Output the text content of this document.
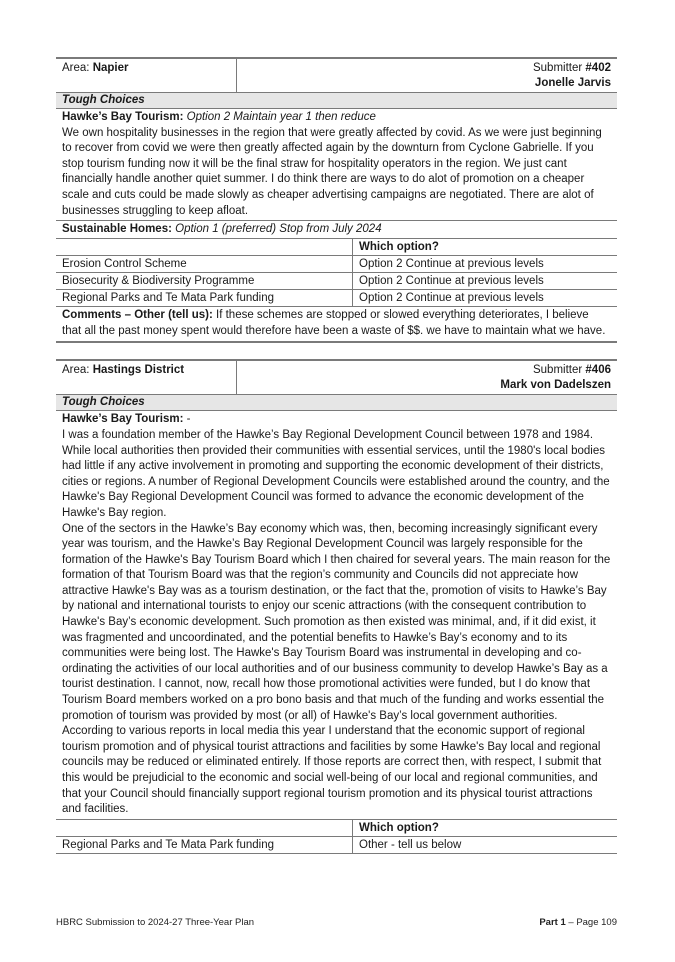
Area: Napier	Submitter #402
Jonelle Jarvis
Tough Choices
Hawke’s Bay Tourism: Option 2 Maintain year 1 then reduce
We own hospitality businesses in the region that were greatly affected by covid. As we were just beginning to recover from covid we were then greatly affected again by the downturn from Cyclone Gabrielle. If you stop tourism funding now it will be the final straw for hospitality operators in the region. We just cant financially handle another quiet summer. I do think there are ways to do alot of promotion on a cheaper scale and cuts could be made slowly as cheaper advertising campaigns are negotiated. There are alot of businesses struggling to keep afloat.
Sustainable Homes: Option 1 (preferred) Stop from July 2024
	Which option?
Erosion Control Scheme	Option 2 Continue at previous levels
Biosecurity & Biodiversity Programme	Option 2 Continue at previous levels
Regional Parks and Te Mata Park funding	Option 2 Continue at previous levels
Comments – Other (tell us): If these schemes are stopped or slowed everything deteriorates, I believe that all the past money spent would therefore have been a waste of $$. we have to maintain what we have.
Area: Hastings District	Submitter #406
Mark von Dadelszen
Tough Choices
Hawke’s Bay Tourism: -
I was a foundation member of the Hawke’s Bay Regional Development Council between 1978 and 1984. While local authorities then provided their communities with essential services, until the 1980's local bodies had little if any active involvement in promoting and supporting the economic development of their districts, cities or regions. A number of Regional Development Councils were established around the country, and the Hawke's Bay Regional Development Council was formed to advance the economic development of the Hawke's Bay region.
One of the sectors in the Hawke’s Bay economy which was, then, becoming increasingly significant every year was tourism, and the Hawke’s Bay Regional Development Council was largely responsible for the formation of the Hawke's Bay Tourism Board which I then chaired for several years. The main reason for the formation of that Tourism Board was that the region’s community and Councils did not appreciate how attractive Hawke's Bay was as a tourism destination, or the fact that the, promotion of visits to Hawke’s Bay by national and international tourists to enjoy our scenic attractions (with the consequent contribution to Hawke's Bay’s economic development. Such promotion as then existed was minimal, and, if it did exist, it was fragmented and uncoordinated, and the potential benefits to Hawke’s Bay’s economy and to its communities were being lost. The Hawke's Bay Tourism Board was instrumental in developing and co-ordinating the activities of our local authorities and of our business community to develop Hawke’s Bay as a tourist destination. I cannot, now, recall how those promotional activities were funded, but I do know that Tourism Board members worked on a pro bono basis and that much of the funding and works essential the promotion of tourism was provided by most (or all) of Hawke's Bay’s local government authorities.
According to various reports in local media this year I understand that the economic support of regional tourism promotion and of physical tourist attractions and facilities by some Hawke's Bay local and regional councils may be reduced or eliminated entirely. If those reports are correct then, with respect, I submit that this would be prejudicial to the economic and social well-being of our local and regional communities, and that your Council should financially support regional tourism promotion and its physical tourist attractions and facilities.
	Which option?
Regional Parks and Te Mata Park funding	Other - tell us below
HBRC Submission to 2024-27 Three-Year Plan	Part 1 – Page 109
